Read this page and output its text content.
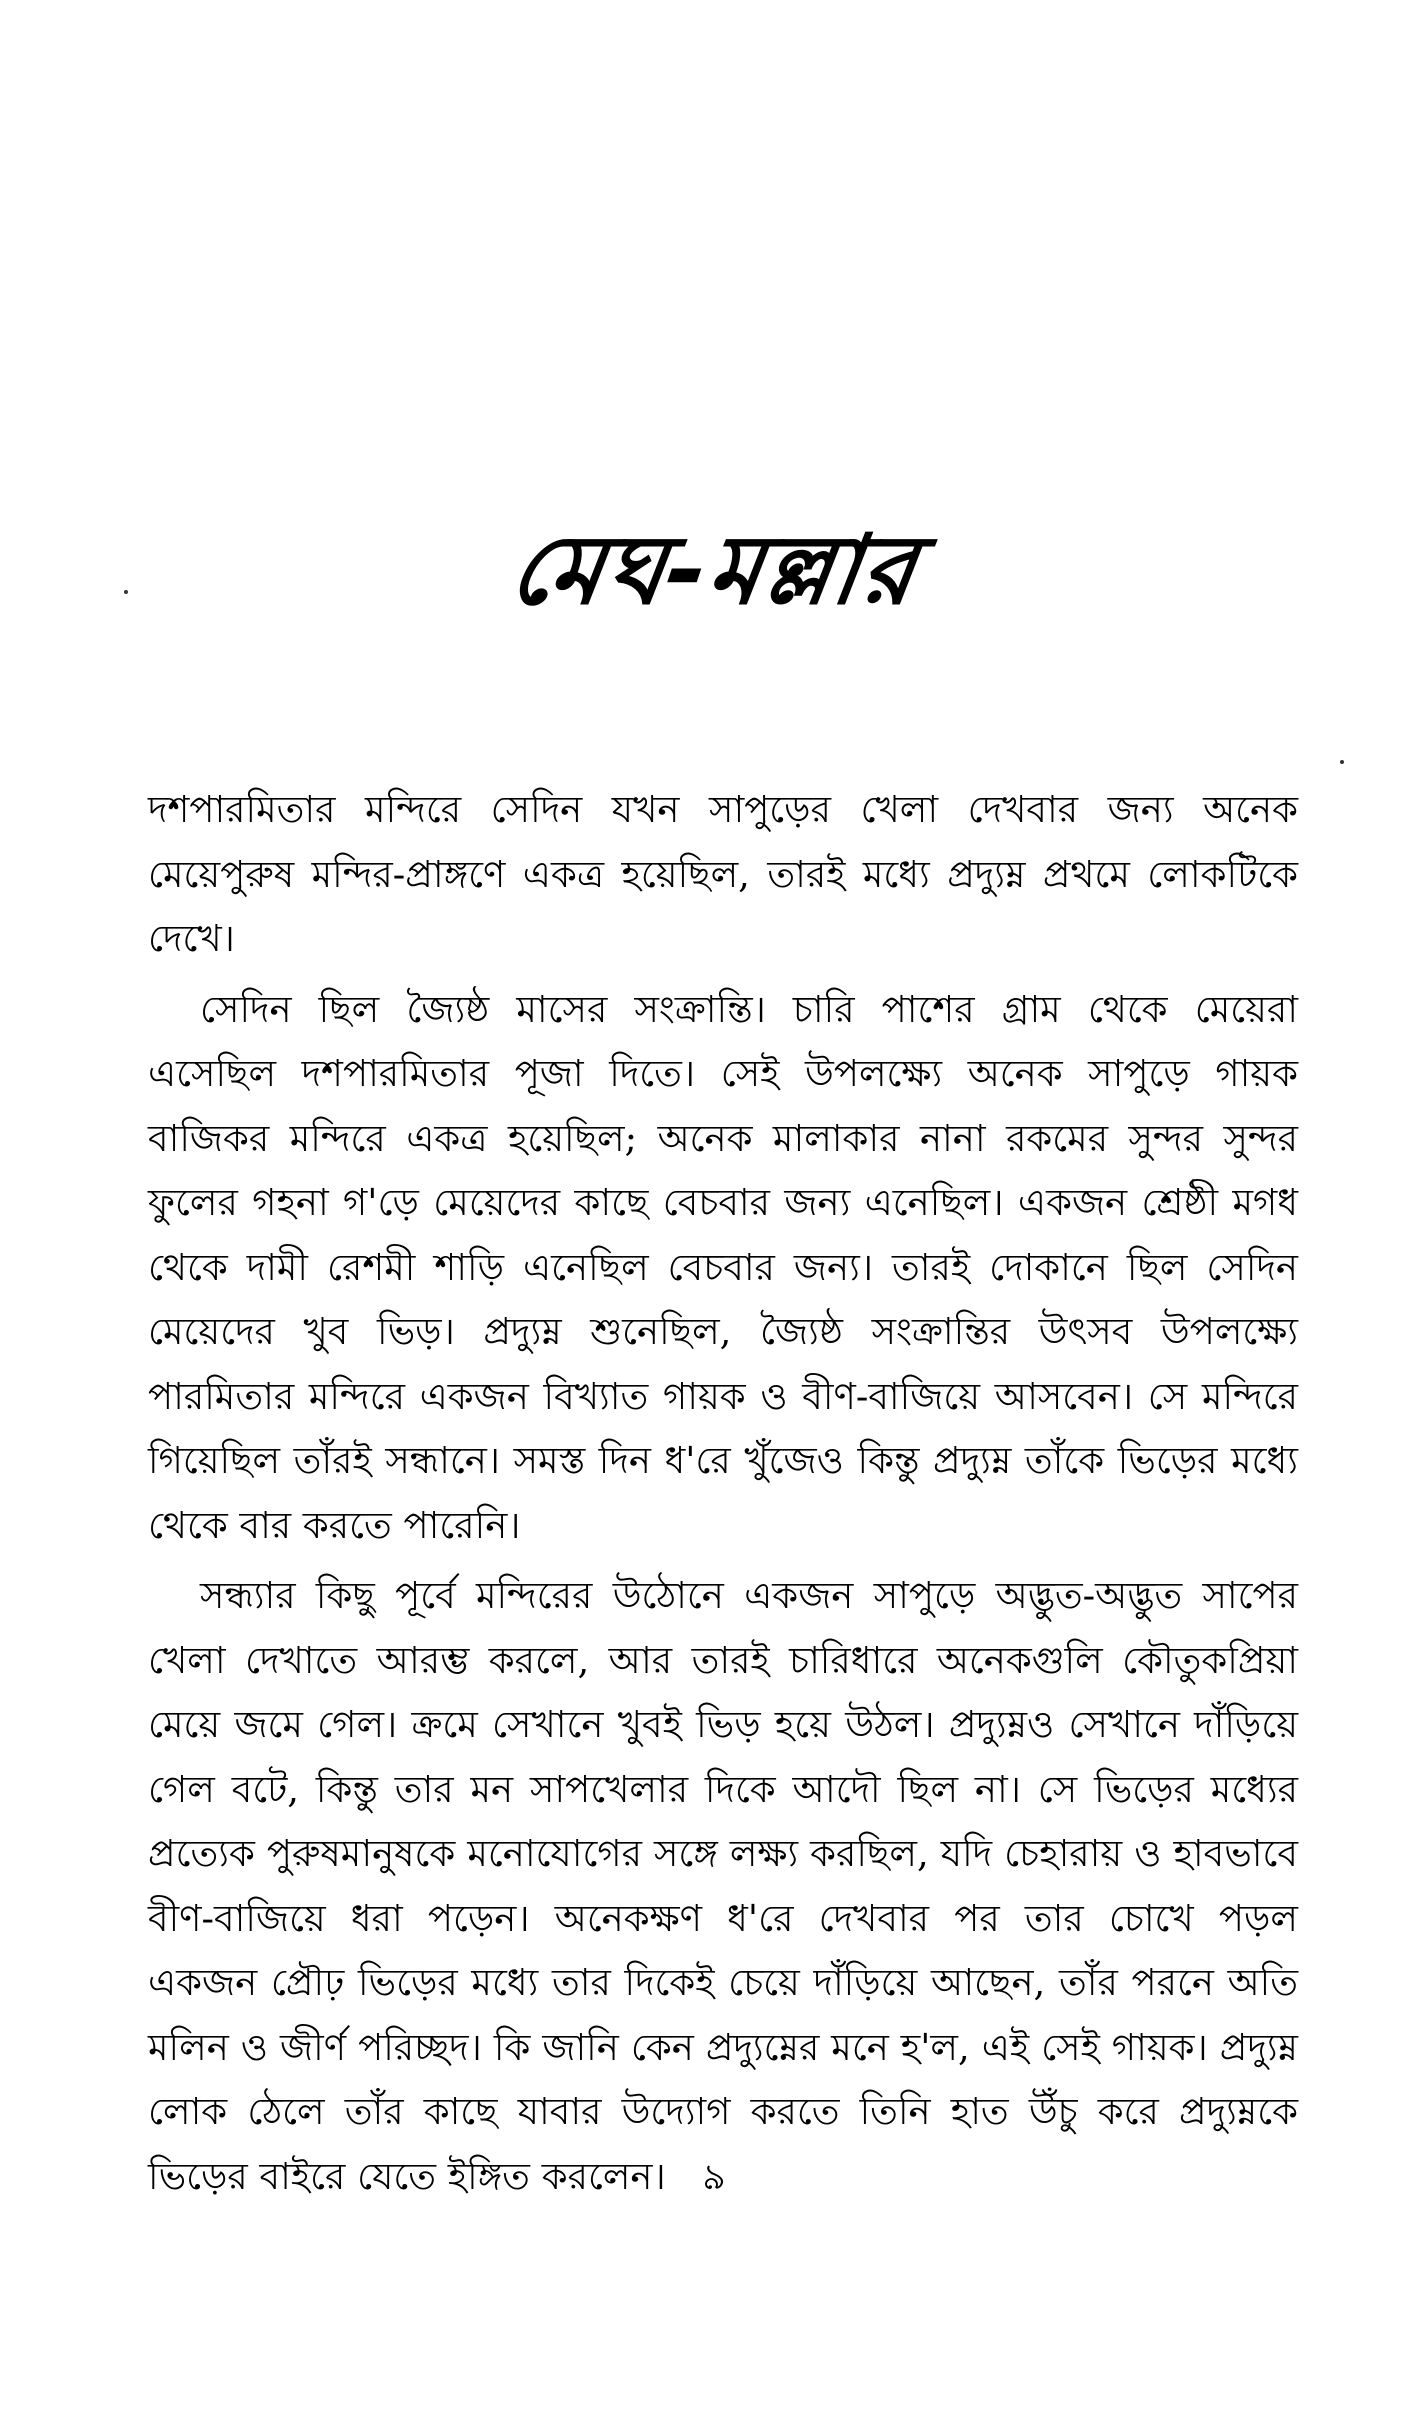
মেঘ-মল্লার

দশপারমিতার মন্দিরে সেদিন যখন সাপুড়ের খেলা দেখবার জন্য অনেক মেয়েপুরুষ মন্দির-প্রাঙ্গণে একত্র হয়েছিল, তারই মধ্যে প্রদ্যুম্ন প্রথমে লোকটিকে দেখে।

সেদিন ছিল জ্যৈষ্ঠ মাসের সংক্রান্তি। চারি পাশের গ্রাম থেকে মেয়েরা এসেছিল দশপারমিতার পূজা দিতে। সেই উপলক্ষ্যে অনেক সাপুড়ে গায়ক বাজিকর মন্দিরে একত্র হয়েছিল; অনেক মালাকার নানা রকমের সুন্দর সুন্দর ফুলের গহনা গ'ড়ে মেয়েদের কাছে বেচবার জন্য এনেছিল। একজন শ্রেষ্ঠী মগধ থেকে দামী রেশমী শাড়ি এনেছিল বেচবার জন্য। তারই দোকানে ছিল সেদিন মেয়েদের খুব ভিড়। প্রদ্যুম্ন শুনেছিল, জ্যৈষ্ঠ সংক্রান্তির উৎসব উপলক্ষ্যে পারমিতার মন্দিরে একজন বিখ্যাত গায়ক ও বীণ-বাজিয়ে আসবেন। সে মন্দিরে গিয়েছিল তাঁরই সন্ধানে। সমস্ত দিন ধ'রে খুঁজেও কিন্তু প্রদ্যুম্ন তাঁকে ভিড়ের মধ্যে থেকে বার করতে পারেনি।

সন্ধ্যার কিছু পূর্বে মন্দিরের উঠোনে একজন সাপুড়ে অদ্ভুত-অদ্ভুত সাপের খেলা দেখাতে আরম্ভ করলে, আর তারই চারিধারে অনেকগুলি কৌতুকপ্রিয়া মেয়ে জমে গেল। ক্রমে সেখানে খুবই ভিড় হয়ে উঠল। প্রদ্যুম্নও সেখানে দাঁড়িয়ে গেল বটে, কিন্তু তার মন সাপখেলার দিকে আদৌ ছিল না। সে ভিড়ের মধ্যের প্রত্যেক পুরুষমানুষকে মনোযোগের সঙ্গে লক্ষ্য করছিল, যদি চেহারায় ও হাবভাবে বীণ-বাজিয়ে ধরা পড়েন। অনেকক্ষণ ধ'রে দেখবার পর তার চোখে পড়ল একজন প্রৌঢ় ভিড়ের মধ্যে তার দিকেই চেয়ে দাঁড়িয়ে আছেন, তাঁর পরনে অতি মলিন ও জীর্ণ পরিচ্ছদ। কি জানি কেন প্রদ্যুম্নের মনে হ'ল, এই সেই গায়ক। প্রদ্যুম্ন লোক ঠেলে তাঁর কাছে যাবার উদ্যোগ করতে তিনি হাত উঁচু করে প্রদ্যুম্নকে ভিড়ের বাইরে যেতে ইঙ্গিত করলেন।	৯
